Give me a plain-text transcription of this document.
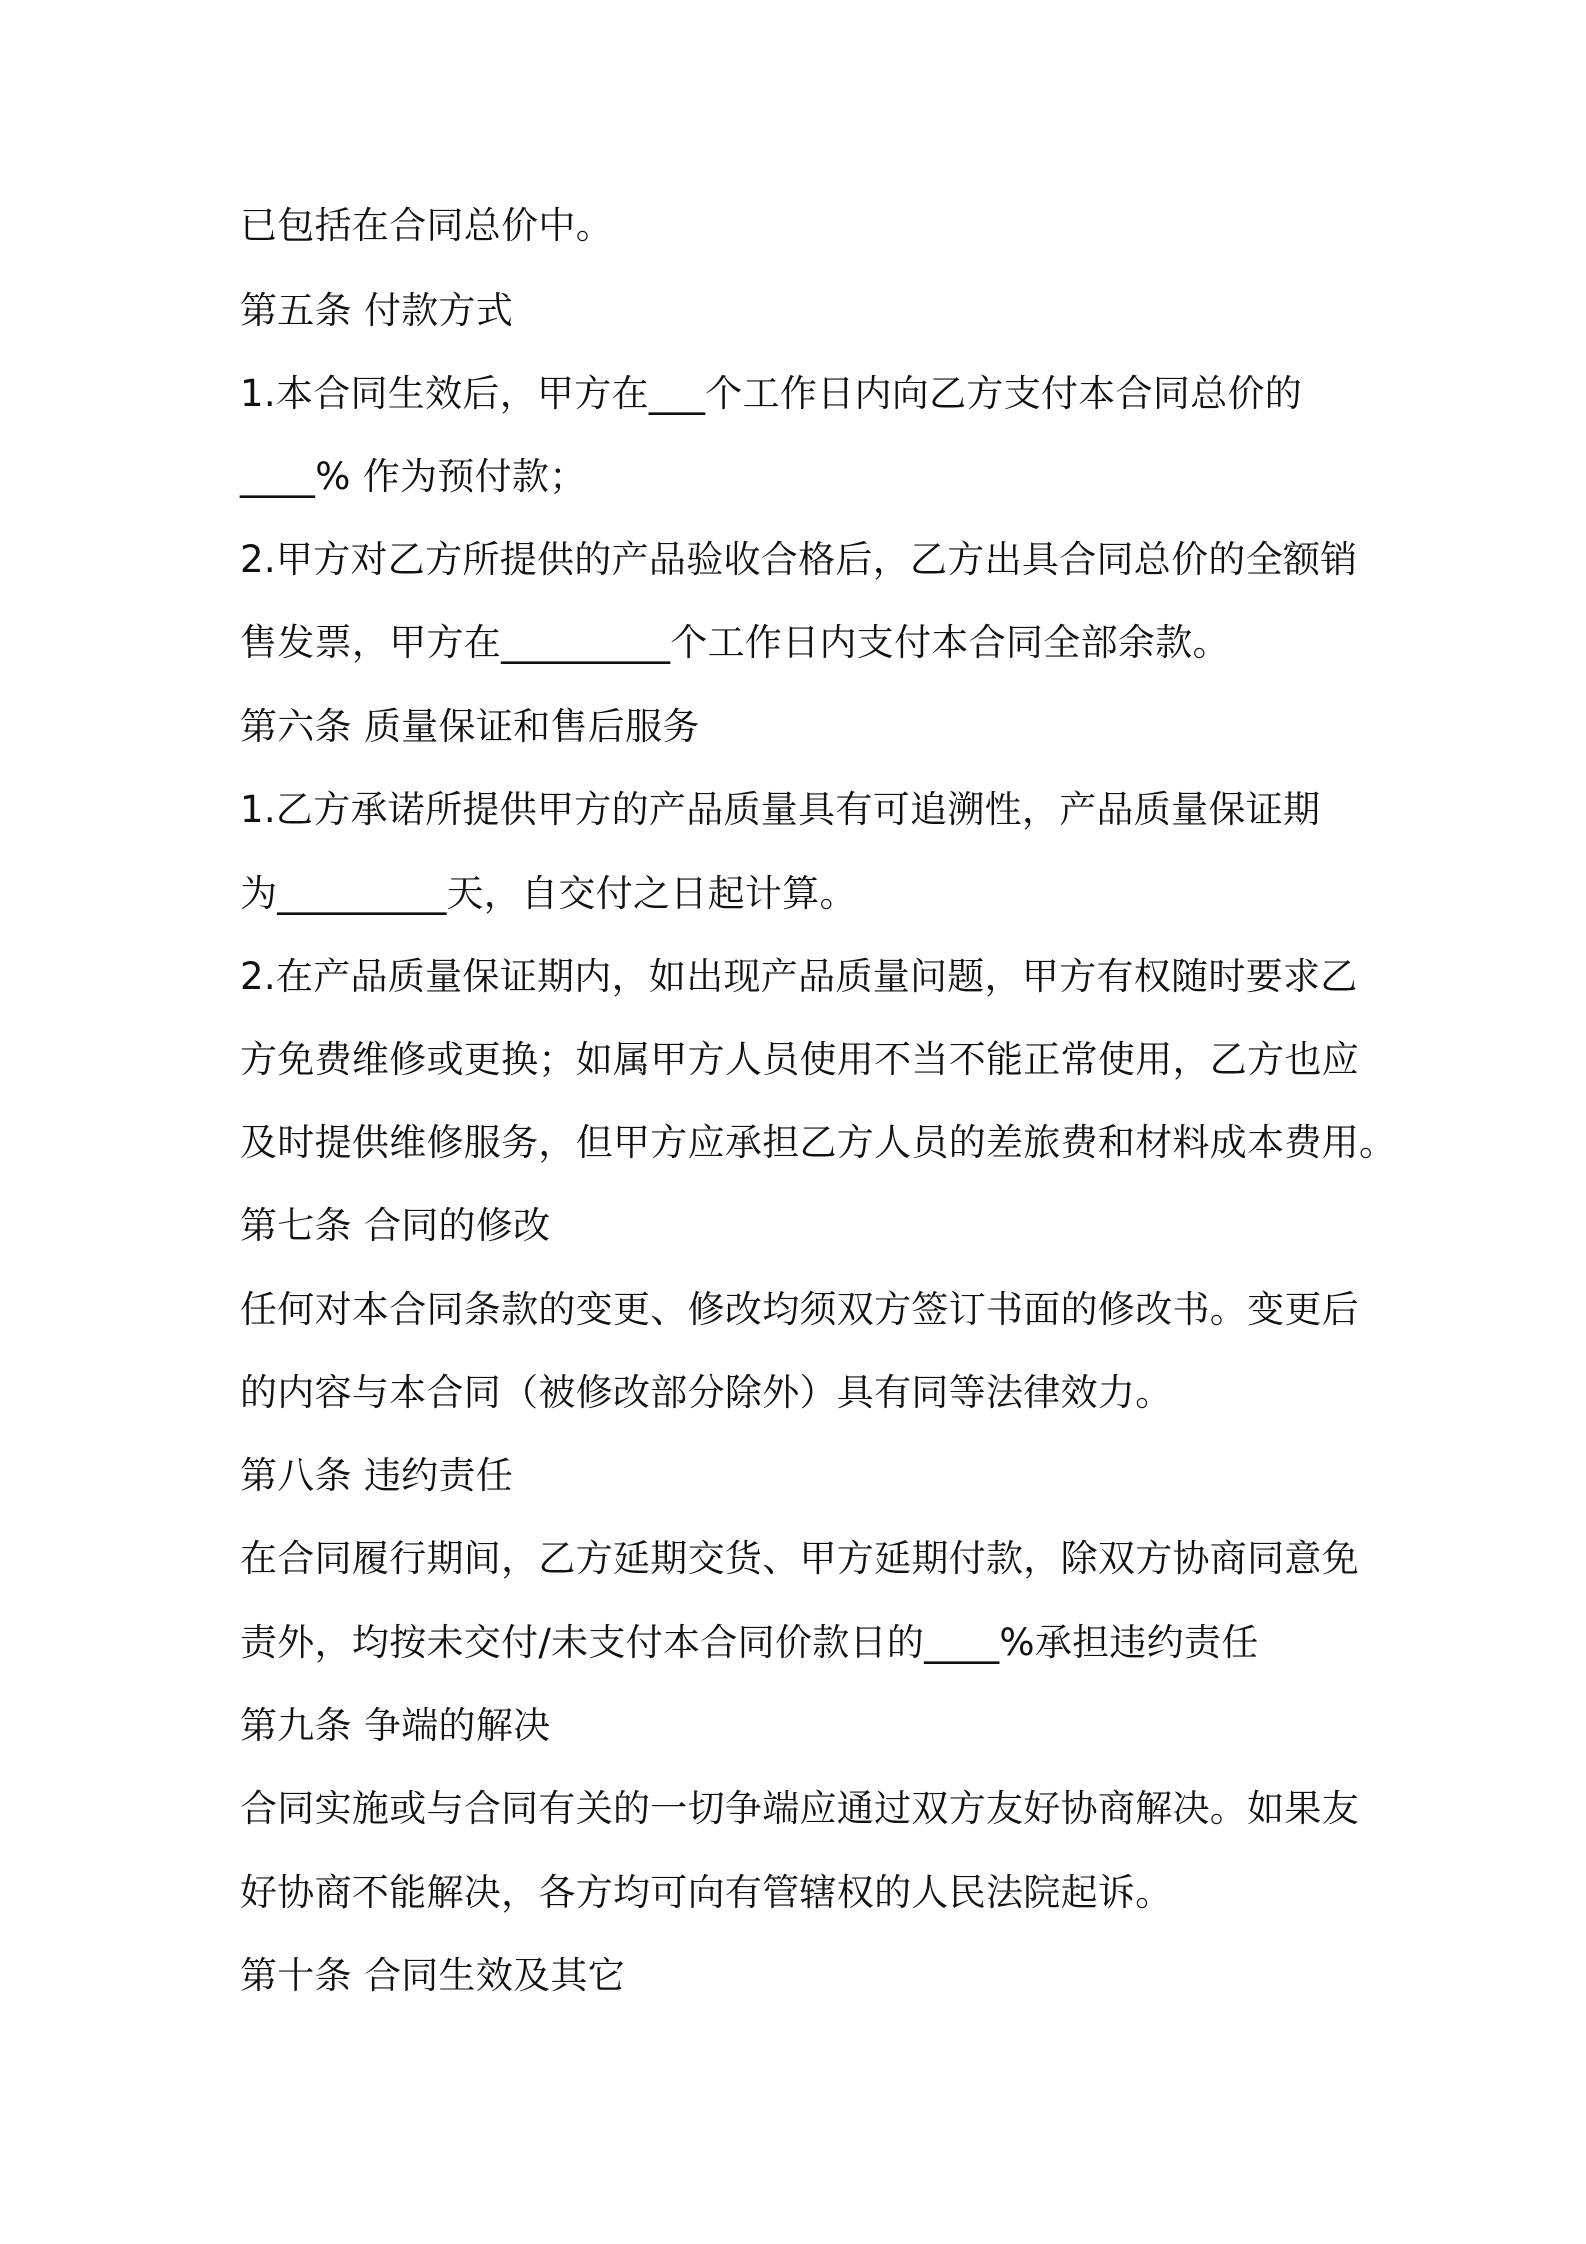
已包括在合同总价中。

第五条 付款方式

1.本合同生效后，甲方在___个工作日内向乙方支付本合同总价的

____% 作为预付款；

2.甲方对乙方所提供的产品验收合格后，乙方出具合同总价的全额销

售发票，甲方在_________个工作日内支付本合同全部余款。

第六条 质量保证和售后服务

1.乙方承诺所提供甲方的产品质量具有可追溯性，产品质量保证期

为_________天，自交付之日起计算。

2.在产品质量保证期内，如出现产品质量问题，甲方有权随时要求乙

方免费维修或更换；如属甲方人员使用不当不能正常使用，乙方也应

及时提供维修服务，但甲方应承担乙方人员的差旅费和材料成本费用。

第七条 合同的修改

任何对本合同条款的变更、修改均须双方签订书面的修改书。变更后

的内容与本合同（被修改部分除外）具有同等法律效力。

第八条 违约责任

在合同履行期间，乙方延期交货、甲方延期付款，除双方协商同意免

责外，均按未交付/未支付本合同价款日的____%承担违约责任

第九条 争端的解决

合同实施或与合同有关的一切争端应通过双方友好协商解决。如果友

好协商不能解决，各方均可向有管辖权的人民法院起诉。

第十条 合同生效及其它
